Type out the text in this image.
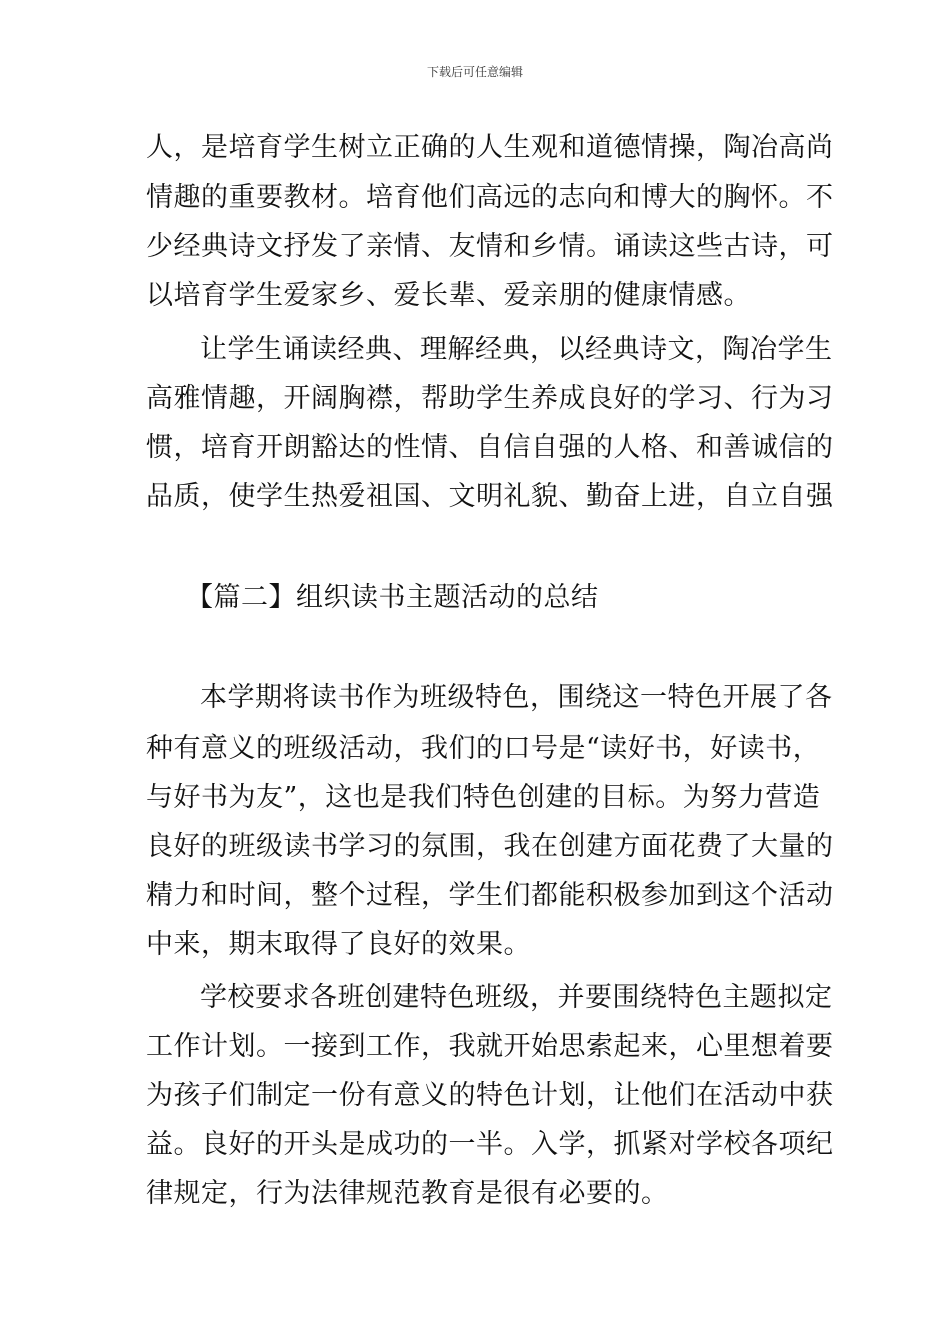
下载后可任意编辑
人，是培育学生树立正确的人生观和道德情操，陶冶高尚
情趣的重要教材。培育他们高远的志向和博大的胸怀。不
少经典诗文抒发了亲情、友情和乡情。诵读这些古诗，可
以培育学生爱家乡、爱长辈、爱亲朋的健康情感。
让学生诵读经典、理解经典，以经典诗文，陶冶学生
高雅情趣，开阔胸襟，帮助学生养成良好的学习、行为习
惯，培育开朗豁达的性情、自信自强的人格、和善诚信的
品质，使学生热爱祖国、文明礼貌、勤奋上进，自立自强
【篇二】组织读书主题活动的总结
本学期将读书作为班级特色，围绕这一特色开展了各
种有意义的班级活动，我们的口号是“读好书，好读书，
与好书为友”，这也是我们特色创建的目标。为努力营造
良好的班级读书学习的氛围，我在创建方面花费了大量的
精力和时间，整个过程，学生们都能积极参加到这个活动
中来，期末取得了良好的效果。
学校要求各班创建特色班级，并要围绕特色主题拟定
工作计划。一接到工作，我就开始思索起来，心里想着要
为孩子们制定一份有意义的特色计划，让他们在活动中获
益。良好的开头是成功的一半。入学，抓紧对学校各项纪
律规定，行为法律规范教育是很有必要的。
